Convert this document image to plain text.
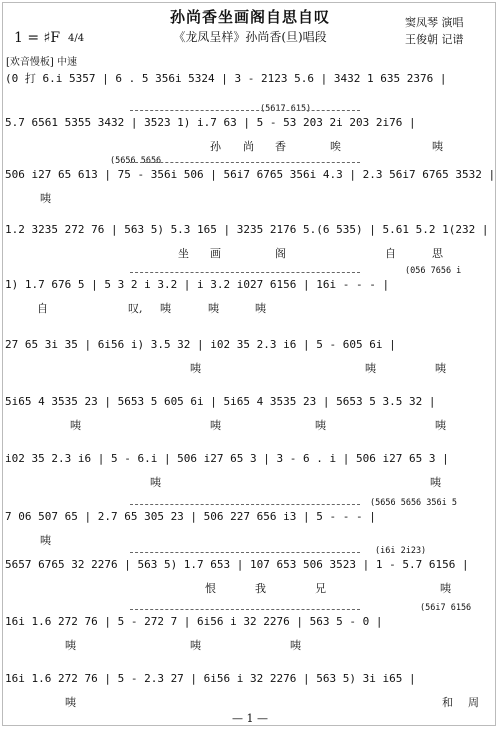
孙尚香坐画阁自思自叹
《龙凤呈样》孙尚香(旦)唱段
1 = ♯F 4/4
窦凤琴 演唱
王俊朝 记谱
[欢音慢板] 中速
(0 打 6.i 5357 | 6 . 5 356i 5324 | 3 - 2123 5.6 | 3432 1 635 2376 |
(5617 615)
5.7 6561 5355 3432 | 3523 1) i.7 63 | 5 - 53 203 2i 203 2i76 |
孙 尚 香	唉	咦
(5656 5656
506 i27 65 613 | 75 - 356i 506 | 56i7 6765 356i 4.3 | 2.3 56i7 6765 3532 |
咦
1.2 3235 272 76 | 563 5) 5.3 165 | 3235 2176 5.(6 535) | 5.61 5.2 1(232 |
坐 画	阁	自	思
(056 7656 i
1) 1.7 676 5 | 5 3 2 i 3.2 | i 3.2 i027 6156 | 16i - - - |
自	叹, 咦	咦	咦
27 65 3i 35 | 6i56 i) 3.5 32 | i02 35 2.3 i6 | 5 - 605 6i |
咦	咦	咦
5i65 4 3535 23 | 5653 5 605 6i | 5i65 4 3535 23 | 5653 5 3.5 32 |
咦	咦	咦	咦
i02 35 2.3 i6 | 5 - 6.i | 506 i27 65 3 | 3 - 6 . i | 506 i27 65 3 |
咦	咦
(5656 5656 356i 5
7 06 507 65 | 2.7 65 305 23 | 506 227 656 i3 | 5 - - - |
咦
(i6i 2i23)
5657 6765 32 2276 | 563 5) 1.7 653 | 107 653 506 3523 | 1 - 5.7 6156 |
恨	我	兄	咦
(56i7 6156
16i 1.6 272 76 | 5 - 272 7 | 6i56 i 32 2276 | 563 5 - 0 |
咦	咦	咦
16i 1.6 272 76 | 5 - 2.3 27 | 6i56 i 32 2276 | 563 5) 3i i65 |
咦	和 周
— 1 —
